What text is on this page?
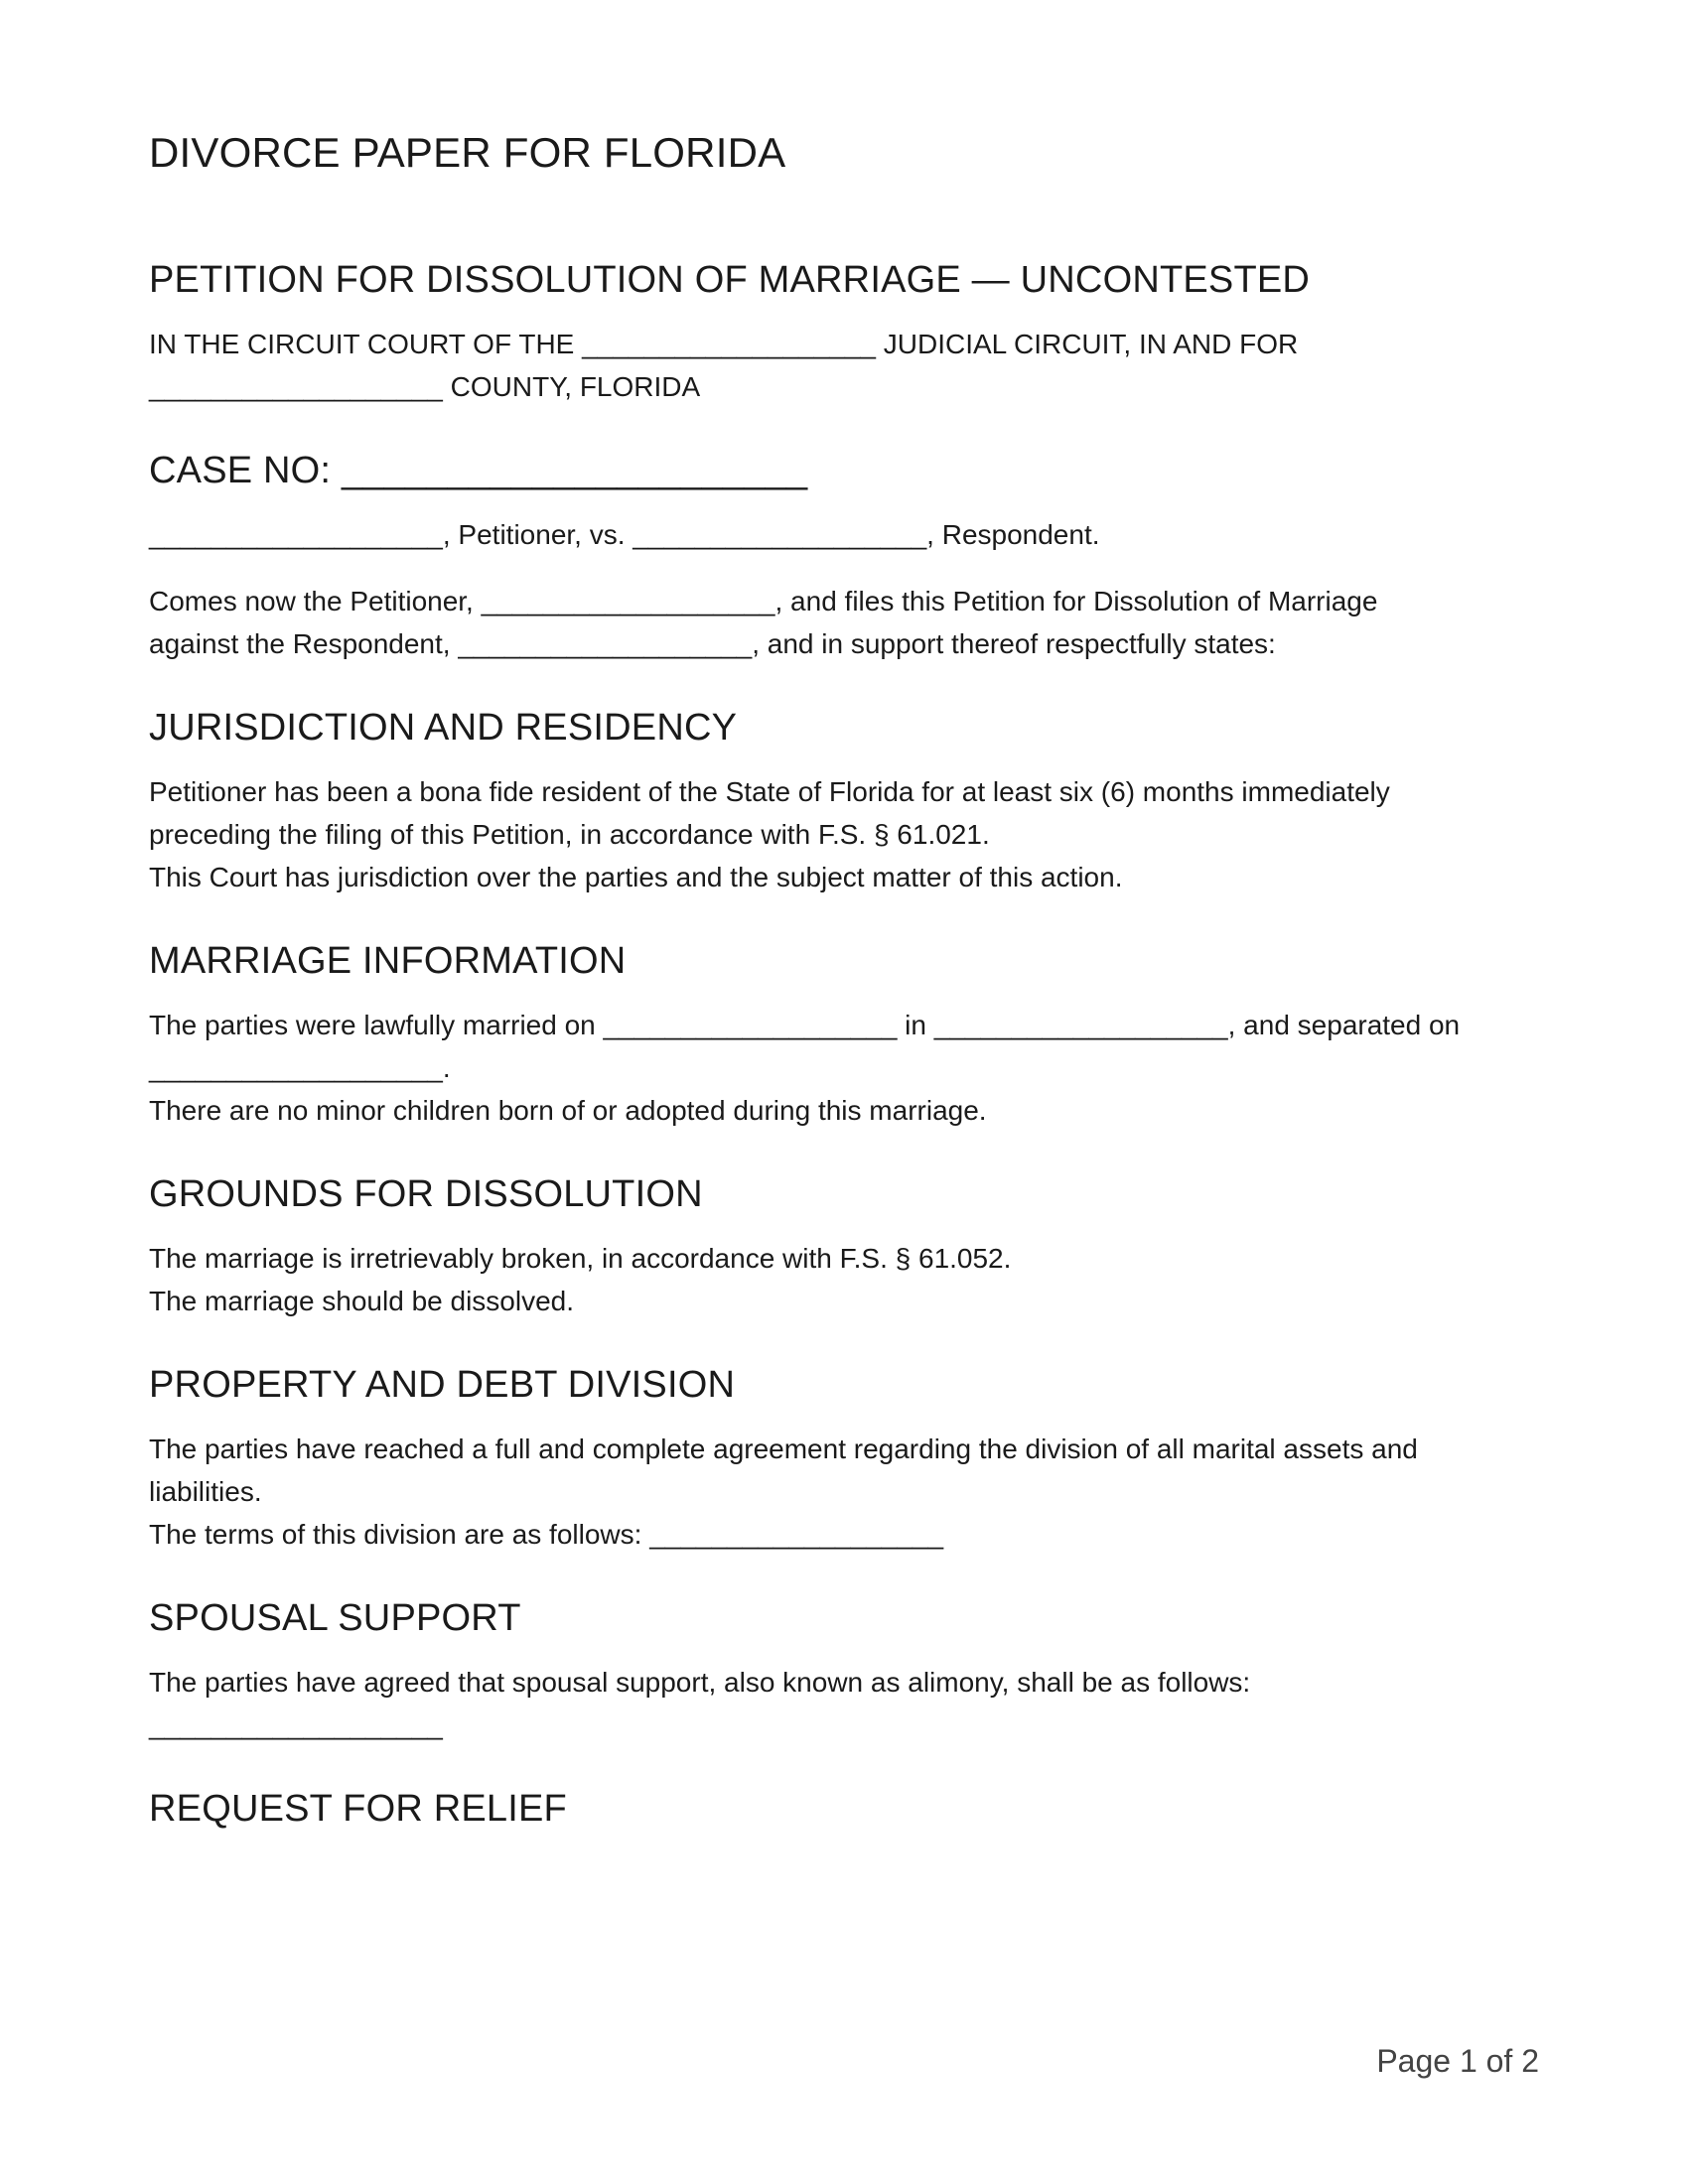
DIVORCE PAPER FOR FLORIDA
PETITION FOR DISSOLUTION OF MARRIAGE — UNCONTESTED

IN THE CIRCUIT COURT OF THE ___________________ JUDICIAL CIRCUIT, IN AND FOR

___________________ COUNTY, FLORIDA

CASE NO: ______________________

___________________, Petitioner, vs. ___________________, Respondent.

Comes now the Petitioner, ___________________, and files this Petition for Dissolution of Marriage

against the Respondent, ___________________, and in support thereof respectfully states:

JURISDICTION AND RESIDENCY

Petitioner has been a bona fide resident of the State of Florida for at least six (6) months immediately

preceding the filing of this Petition, in accordance with F.S. § 61.021.

This Court has jurisdiction over the parties and the subject matter of this action.

MARRIAGE INFORMATION

The parties were lawfully married on ___________________ in ___________________, and separated on

___________________.

There are no minor children born of or adopted during this marriage.

GROUNDS FOR DISSOLUTION

The marriage is irretrievably broken, in accordance with F.S. § 61.052.

The marriage should be dissolved.

PROPERTY AND DEBT DIVISION

The parties have reached a full and complete agreement regarding the division of all marital assets and

liabilities.

The terms of this division are as follows: ___________________

SPOUSAL SUPPORT

The parties have agreed that spousal support, also known as alimony, shall be as follows:

___________________

REQUEST FOR RELIEF
Page 1 of 2
